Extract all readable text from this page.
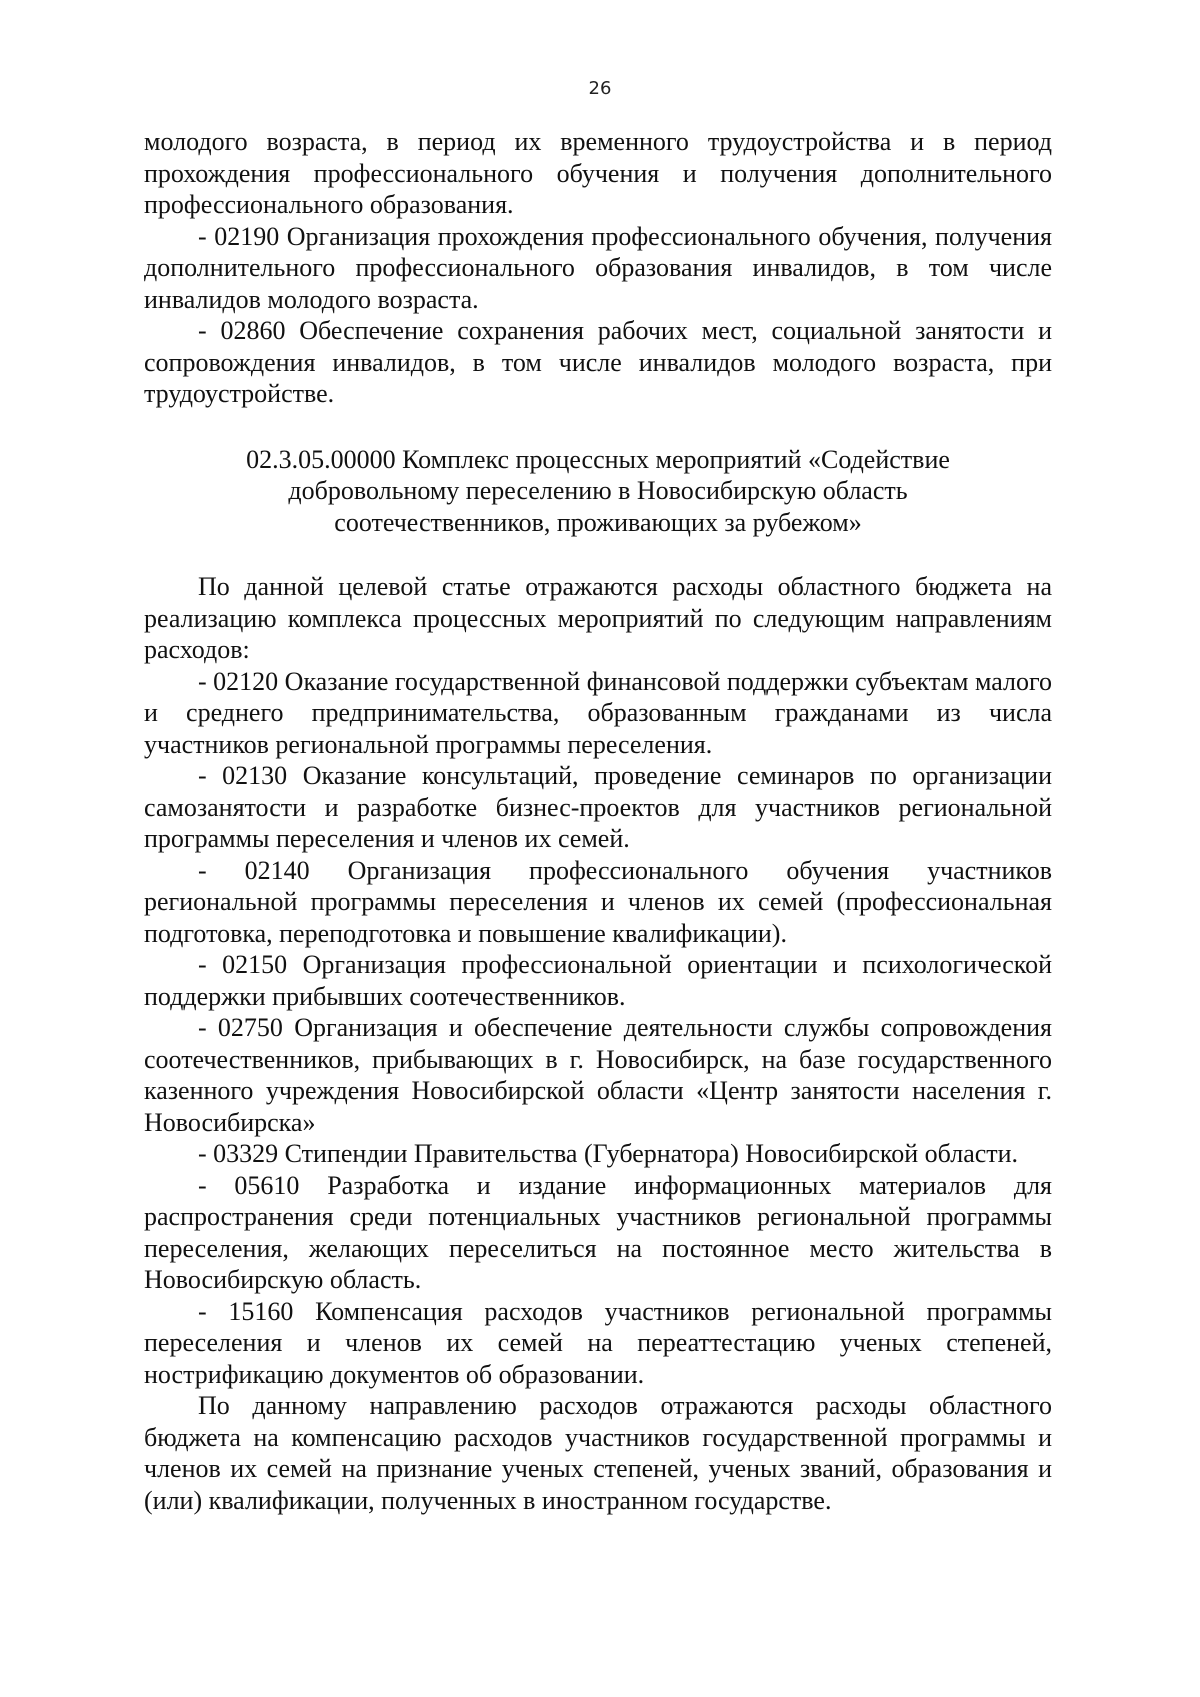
26

молодого возраста, в период их временного трудоустройства и в период прохождения профессионального обучения и получения дополнительного профессионального образования.

- 02190 Организация прохождения профессионального обучения, получения дополнительного профессионального образования инвалидов, в том числе инвалидов молодого возраста.

- 02860 Обеспечение сохранения рабочих мест, социальной занятости и сопровождения инвалидов, в том числе инвалидов молодого возраста, при трудоустройстве.

02.3.05.00000 Комплекс процессных мероприятий «Содействие
добровольному переселению в Новосибирскую область
соотечественников, проживающих за рубежом»

По данной целевой статье отражаются расходы областного бюджета на реализацию комплекса процессных мероприятий по следующим направлениям расходов:

- 02120 Оказание государственной финансовой поддержки субъектам малого и среднего предпринимательства, образованным гражданами из числа участников региональной программы переселения.

- 02130 Оказание консультаций, проведение семинаров по организации самозанятости и разработке бизнес-проектов для участников региональной программы переселения и членов их семей.

- 02140 Организация профессионального обучения участников региональной программы переселения и членов их семей (профессиональная подготовка, переподготовка и повышение квалификации).

- 02150 Организация профессиональной ориентации и психологической поддержки прибывших соотечественников.

- 02750 Организация и обеспечение деятельности службы сопровождения соотечественников, прибывающих в г. Новосибирск, на базе государственного казенного учреждения Новосибирской области «Центр занятости населения г. Новосибирска»

- 03329 Стипендии Правительства (Губернатора) Новосибирской области.

- 05610 Разработка и издание информационных материалов для распространения среди потенциальных участников региональной программы переселения, желающих переселиться на постоянное место жительства в Новосибирскую область.

- 15160 Компенсация расходов участников региональной программы переселения и членов их семей на переаттестацию ученых степеней, нострификацию документов об образовании.

По данному направлению расходов отражаются расходы областного бюджета на компенсацию расходов участников государственной программы и членов их семей на признание ученых степеней, ученых званий, образования и (или) квалификации, полученных в иностранном государстве.
